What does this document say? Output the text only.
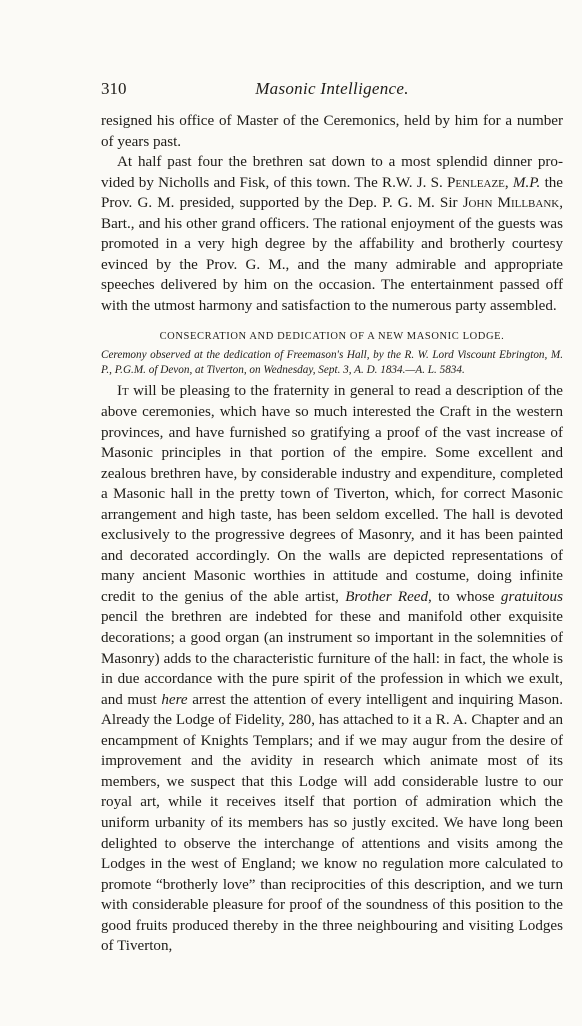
310	Masonic Intelligence.

resigned his office of Master of the Ceremonics, held by him for a number of years past.

At half past four the brethren sat down to a most splendid dinner provided by Nicholls and Fisk, of this town. The R.W. J. S. Penleaze, M.P. the Prov. G. M. presided, supported by the Dep. P. G. M. Sir John Millbank, Bart., and his other grand officers. The rational enjoyment of the guests was promoted in a very high degree by the affability and brotherly courtesy evinced by the Prov. G. M., and the many admirable and appropriate speeches delivered by him on the occasion. The entertainment passed off with the utmost harmony and satisfaction to the numerous party assembled.

CONSECRATION AND DEDICATION OF A NEW MASONIC LODGE.

Ceremony observed at the dedication of Freemason's Hall, by the R. W. Lord Viscount Ebrington, M. P., P.G.M. of Devon, at Tiverton, on Wednesday, Sept. 3, A. D. 1834.—A. L. 5834.

It will be pleasing to the fraternity in general to read a description of the above ceremonies, which have so much interested the Craft in the western provinces, and have furnished so gratifying a proof of the vast increase of Masonic principles in that portion of the empire. Some excellent and zealous brethren have, by considerable industry and expenditure, completed a Masonic hall in the pretty town of Tiverton, which, for correct Masonic arrangement and high taste, has been seldom excelled. The hall is devoted exclusively to the progressive degrees of Masonry, and it has been painted and decorated accordingly. On the walls are depicted representations of many ancient Masonic worthies in attitude and costume, doing infinite credit to the genius of the able artist, Brother Reed, to whose gratuitous pencil the brethren are indebted for these and manifold other exquisite decorations; a good organ (an instrument so important in the solemnities of Masonry) adds to the characteristic furniture of the hall: in fact, the whole is in due accordance with the pure spirit of the profession in which we exult, and must here arrest the attention of every intelligent and inquiring Mason. Already the Lodge of Fidelity, 280, has attached to it a R. A. Chapter and an encampment of Knights Templars; and if we may augur from the desire of improvement and the avidity in research which animate most of its members, we suspect that this Lodge will add considerable lustre to our royal art, while it receives itself that portion of admiration which the uniform urbanity of its members has so justly excited. We have long been delighted to observe the interchange of attentions and visits among the Lodges in the west of England; we know no regulation more calculated to promote “brotherly love” than reciprocities of this description, and we turn with considerable pleasure for proof of the soundness of this position to the good fruits produced thereby in the three neighbouring and visiting Lodges of Tiverton,
